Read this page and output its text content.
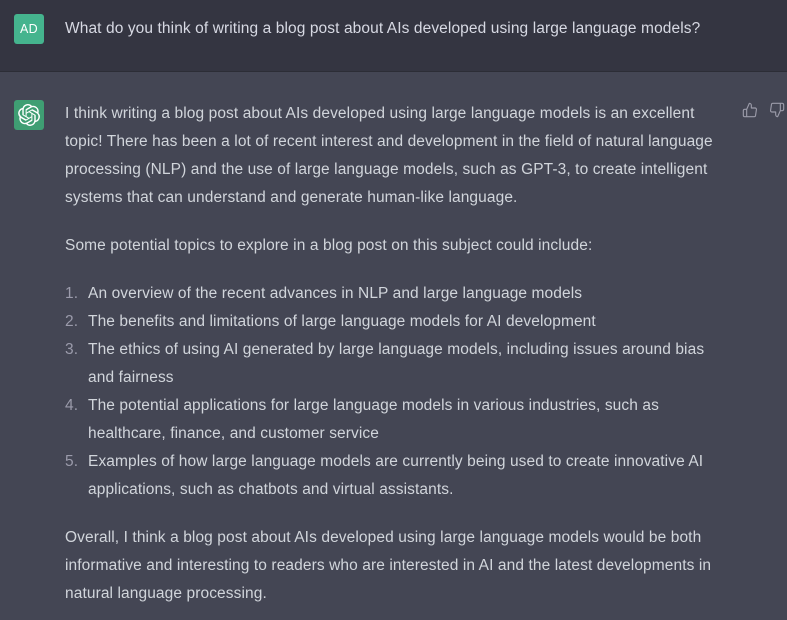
AD What do you think of writing a blog post about AIs developed using large language models?

I think writing a blog post about AIs developed using large language models is an excellent topic! There has been a lot of recent interest and development in the field of natural language processing (NLP) and the use of large language models, such as GPT-3, to create intelligent systems that can understand and generate human-like language.

Some potential topics to explore in a blog post on this subject could include:

1. An overview of the recent advances in NLP and large language models
2. The benefits and limitations of large language models for AI development
3. The ethics of using AI generated by large language models, including issues around bias and fairness
4. The potential applications for large language models in various industries, such as healthcare, finance, and customer service
5. Examples of how large language models are currently being used to create innovative AI applications, such as chatbots and virtual assistants.

Overall, I think a blog post about AIs developed using large language models would be both informative and interesting to readers who are interested in AI and the latest developments in natural language processing.
